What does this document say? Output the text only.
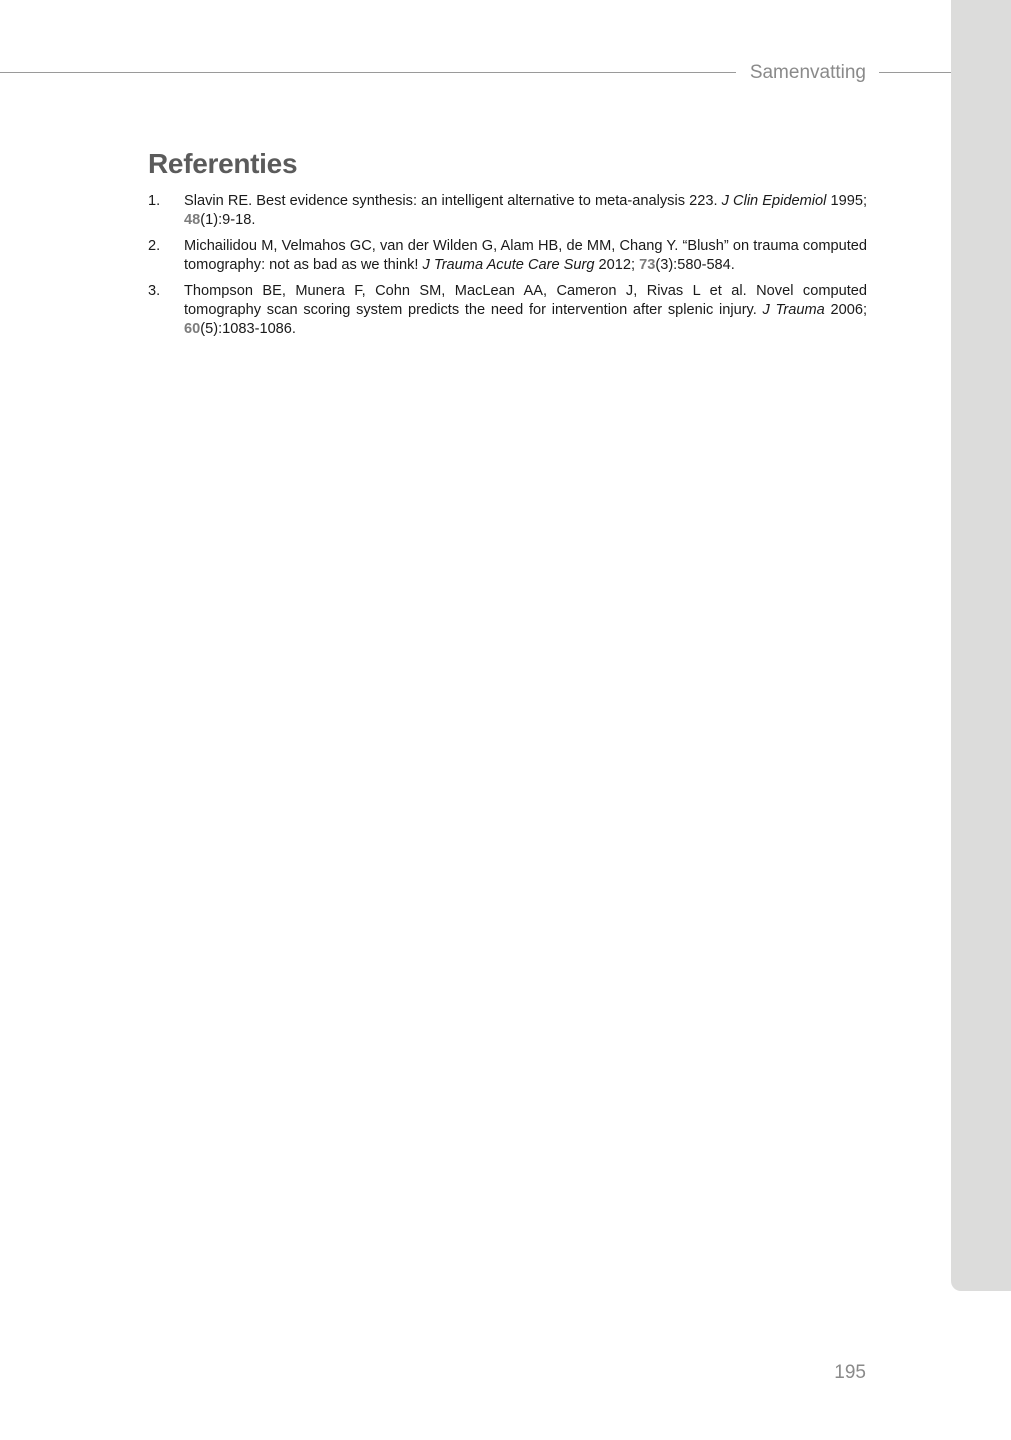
Samenvatting
Referenties
1. Slavin RE. Best evidence synthesis: an intelligent alternative to meta-analysis 223. J Clin Epidemiol 1995; 48(1):9-18.
2. Michailidou M, Velmahos GC, van der Wilden G, Alam HB, de MM, Chang Y. “Blush” on trauma computed tomography: not as bad as we think! J Trauma Acute Care Surg 2012; 73(3):580-584.
3. Thompson BE, Munera F, Cohn SM, MacLean AA, Cameron J, Rivas L et al. Novel computed tomography scan scoring system predicts the need for intervention after splenic injury. J Trauma 2006; 60(5):1083-1086.
195
